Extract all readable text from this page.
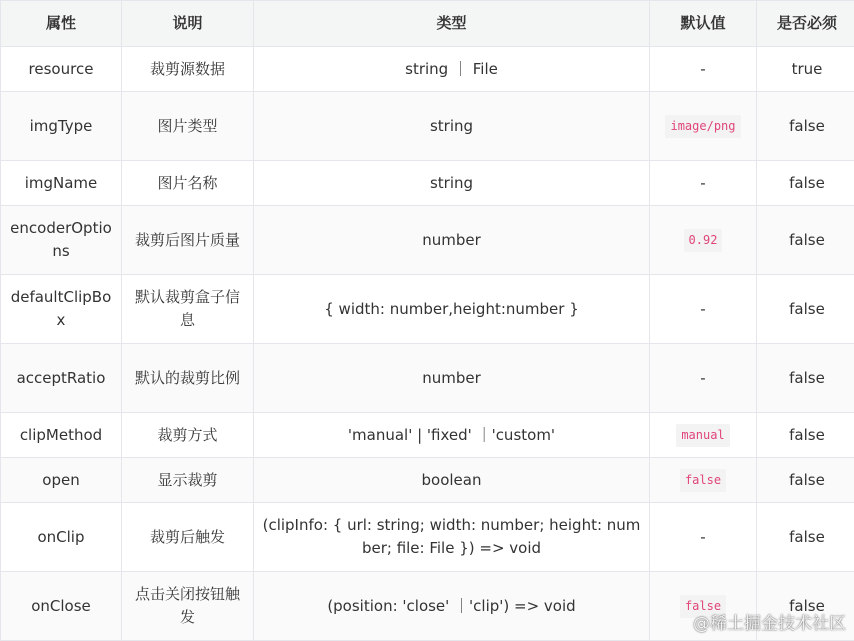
属性	说明	类型	默认值	是否必须
resource	裁剪源数据	string ｜ File	-	true
imgType	图片类型	string	image/png	false
imgName	图片名称	string	-	false
encoderOptions	裁剪后图片质量	number	0.92	false
defaultClipBox	默认裁剪盒子信息	{ width: number,height:number }	-	false
acceptRatio	默认的裁剪比例	number	-	false
clipMethod	裁剪方式	'manual' | 'fixed' ｜'custom'	manual	false
open	显示裁剪	boolean	false	false
onClip	裁剪后触发	(clipInfo: { url: string; width: number; height: number; file: File }) => void	-	false
onClose	点击关闭按钮触发	(position: 'close' ｜'clip') => void	false	false
@稀土掘金技术社区
